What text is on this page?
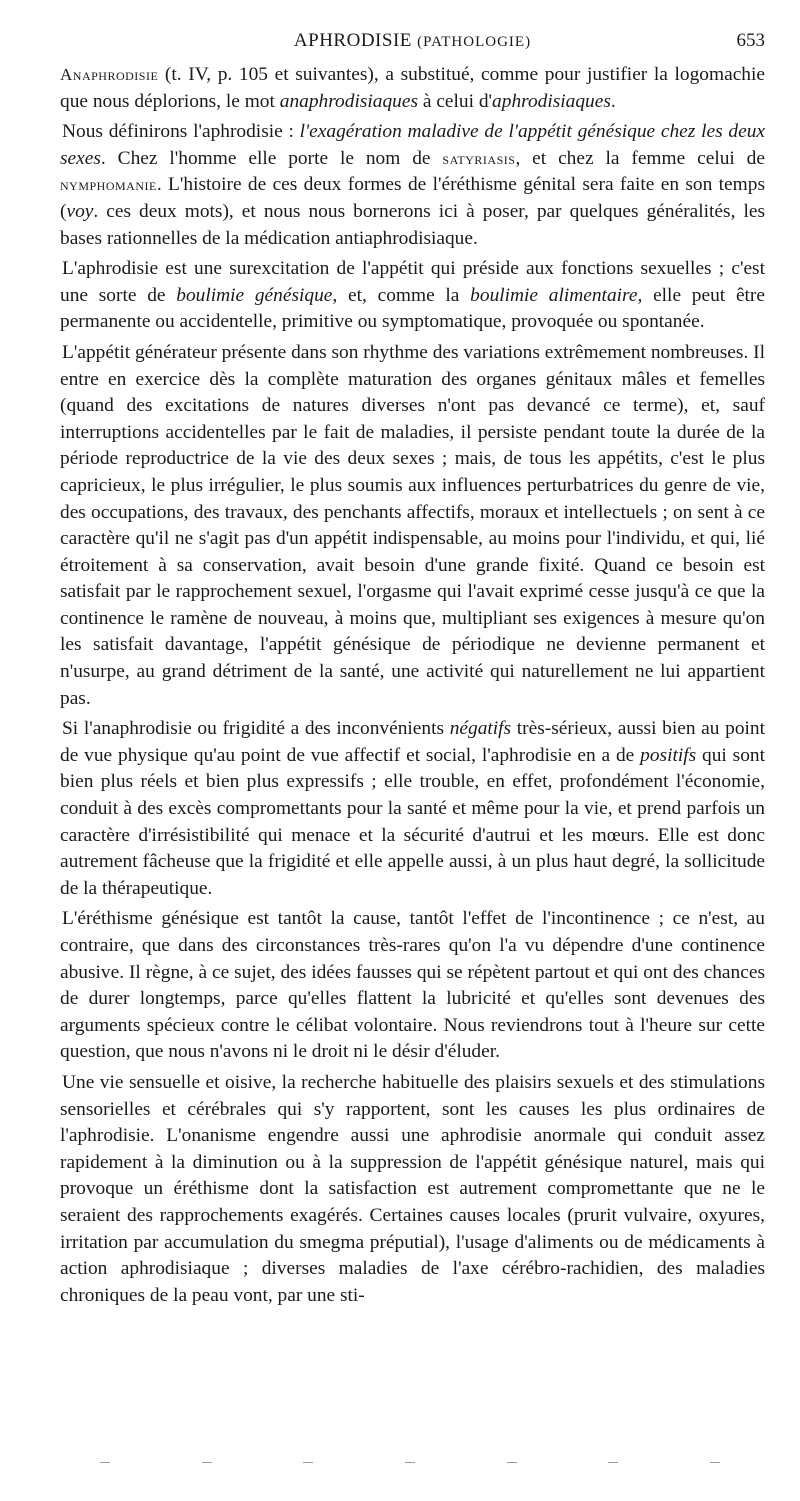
APHRODISIE (PATHOLOGIE)	653

Anaphrodisie (t. IV, p. 105 et suivantes), a substitué, comme pour justifier la logomachie que nous déplorions, le mot anaphrodisiaques à celui d'aphrodisiaques.

Nous définirons l'aphrodisie : l'exagération maladive de l'appétit génésique chez les deux sexes. Chez l'homme elle porte le nom de satyriasis, et chez la femme celui de nymphomanie. L'histoire de ces deux formes de l'éréthisme génital sera faite en son temps (voy. ces deux mots), et nous nous bornerons ici à poser, par quelques généralités, les bases rationnelles de la médication antiaphrodisiaque.

L'aphrodisie est une surexcitation de l'appétit qui préside aux fonctions sexuelles ; c'est une sorte de boulimie génésique, et, comme la boulimie alimentaire, elle peut être permanente ou accidentelle, primitive ou symptomatique, provoquée ou spontanée.

L'appétit générateur présente dans son rhythme des variations extrêmement nombreuses. Il entre en exercice dès la complète maturation des organes génitaux mâles et femelles (quand des excitations de natures diverses n'ont pas devancé ce terme), et, sauf interruptions accidentelles par le fait de maladies, il persiste pendant toute la durée de la période reproductrice de la vie des deux sexes ; mais, de tous les appétits, c'est le plus capricieux, le plus irrégulier, le plus soumis aux influences perturbatrices du genre de vie, des occupations, des travaux, des penchants affectifs, moraux et intellectuels ; on sent à ce caractère qu'il ne s'agit pas d'un appétit indispensable, au moins pour l'individu, et qui, lié étroitement à sa conservation, avait besoin d'une grande fixité. Quand ce besoin est satisfait par le rapprochement sexuel, l'orgasme qui l'avait exprimé cesse jusqu'à ce que la continence le ramène de nouveau, à moins que, multipliant ses exigences à mesure qu'on les satisfait davantage, l'appétit génésique de périodique ne devienne permanent et n'usurpe, au grand détriment de la santé, une activité qui naturellement ne lui appartient pas.

Si l'anaphrodisie ou frigidité a des inconvénients négatifs très-sérieux, aussi bien au point de vue physique qu'au point de vue affectif et social, l'aphrodisie en a de positifs qui sont bien plus réels et bien plus expressifs ; elle trouble, en effet, profondément l'économie, conduit à des excès compromettants pour la santé et même pour la vie, et prend parfois un caractère d'irrésistibilité qui menace et la sécurité d'autrui et les mœurs. Elle est donc autrement fâcheuse que la frigidité et elle appelle aussi, à un plus haut degré, la sollicitude de la thérapeutique.

L'éréthisme génésique est tantôt la cause, tantôt l'effet de l'incontinence ; ce n'est, au contraire, que dans des circonstances très-rares qu'on l'a vu dépendre d'une continence abusive. Il règne, à ce sujet, des idées fausses qui se répètent partout et qui ont des chances de durer longtemps, parce qu'elles flattent la lubricité et qu'elles sont devenues des arguments spécieux contre le célibat volontaire. Nous reviendrons tout à l'heure sur cette question, que nous n'avons ni le droit ni le désir d'éluder.

Une vie sensuelle et oisive, la recherche habituelle des plaisirs sexuels et des stimulations sensorielles et cérébrales qui s'y rapportent, sont les causes les plus ordinaires de l'aphrodisie. L'onanisme engendre aussi une aphrodisie anormale qui conduit assez rapidement à la diminution ou à la suppression de l'appétit génésique naturel, mais qui provoque un éréthisme dont la satisfaction est autrement compromettante que ne le seraient des rapprochements exagérés. Certaines causes locales (prurit vulvaire, oxyures, irritation par accumulation du smegma préputial), l'usage d'aliments ou de médicaments à action aphrodisiaque ; diverses maladies de l'axe cérébro-rachidien, des maladies chroniques de la peau vont, par une sti-
